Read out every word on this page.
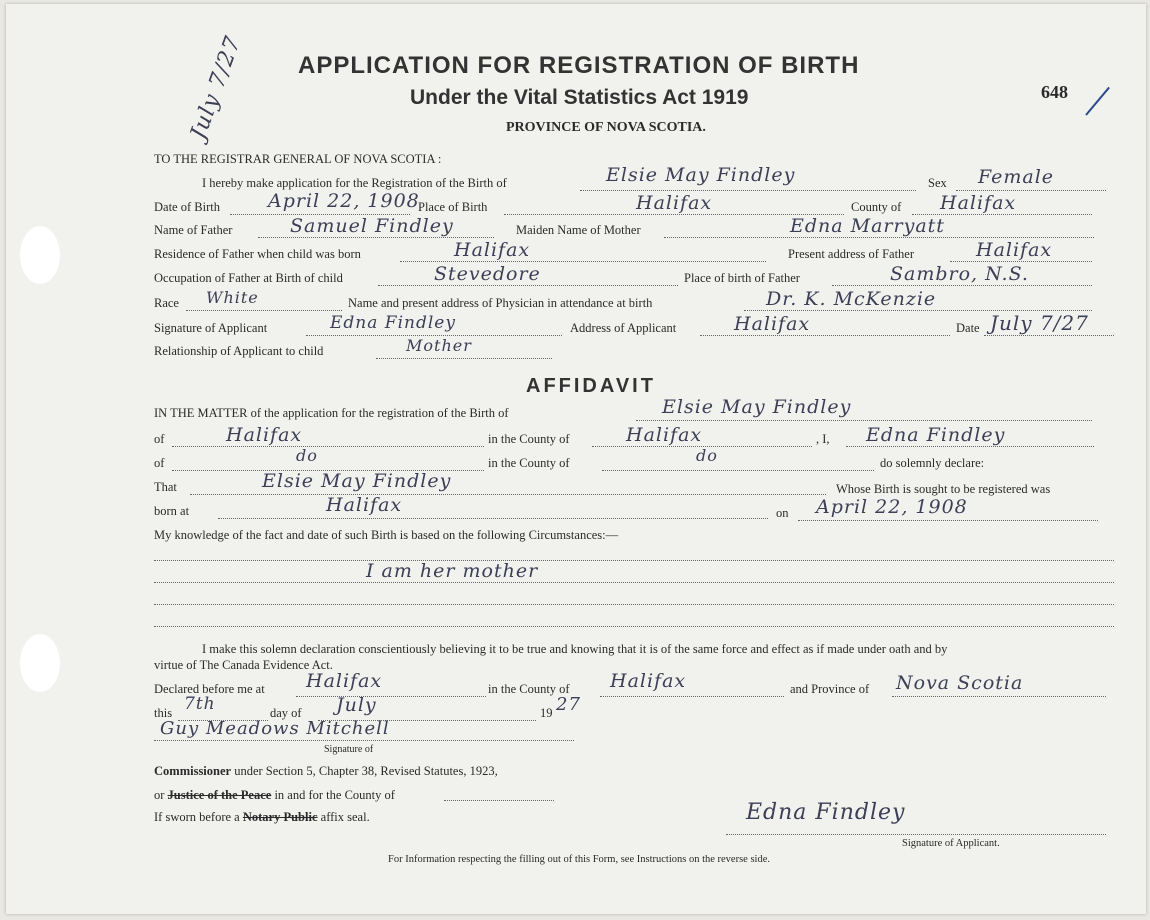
July 7/27 APPLICATION FOR REGISTRATION OF BIRTH
Under the Vital Statistics Act 1919
PROVINCE OF NOVA SCOTIA.
648
TO THE REGISTRAR GENERAL OF NOVA SCOTIA :
I hereby make application for the Registration of the Birth of	Elsie May Findley	Sex Female
Date of Birth	April 22, 1908
Place of Birth	Halifax	County of Halifax
Name of Father	Samuel Findley	Maiden Name of Mother	Edna Marryatt
Residence of Father when child was born	Halifax	Present address of Father	Halifax
Occupation of Father at Birth of child	Stevedore	Place of birth of Father	Sambro, N.S.
Race White	Name and present address of Physician in attendance at birth	Dr. K. McKenzie
Signature of Applicant	Edna Findley	Address of Applicant	Halifax	Date July 7/27
Relationship of Applicant to child	Mother
AFFIDAVIT
IN THE MATTER of the application for the registration of the Birth of	Elsie May Findley
of	Halifax	in the County of	Halifax	, I, Edna Findley
of	do	in the County of	do	do solemnly declare:
That	Elsie May Findley	Whose Birth is sought to be registered was
born at	Halifax	on April 22, 1908
My knowledge of the fact and date of such Birth is based on the following Circumstances:—
I am her mother
I make this solemn declaration conscientiously believing it to be true and knowing that it is of the same force and effect as if made under oath and by
virtue of The Canada Evidence Act.
Declared before me at Halifax	in the County of Halifax	and Province of Nova Scotia
this 7th	day of July	19 27
Guy Meadows Mitchell
Signature of
Commissioner under Section 5, Chapter 38, Revised Statutes, 1923,
or Justice of the Peace in and for the County of
If sworn before a Notary Public affix seal.	Edna Findley
Signature of Applicant.
For Information respecting the filling out of this Form, see Instructions on the reverse side.
